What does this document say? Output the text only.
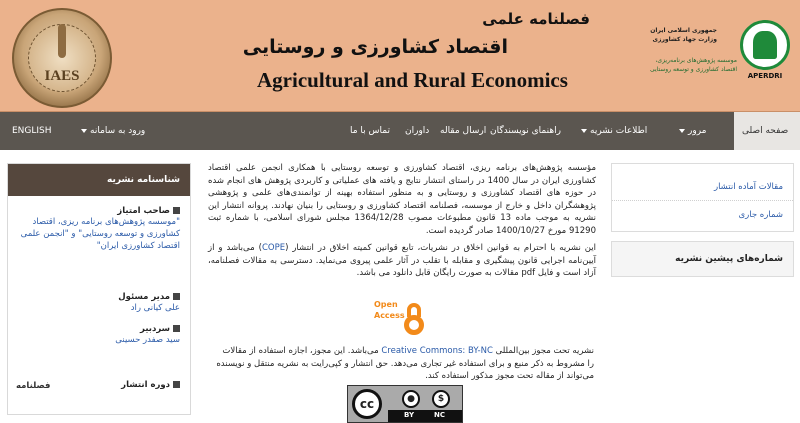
IAES
فصلنامه علمی
اقتصاد کشاورزی و روستایی
Agricultural and Rural Economics
جمهوری اسلامی ایران
وزارت جهاد کشاورزی
موسسه پژوهش‌های برنامه‌ریزی،
اقتصاد کشاورزی و توسعه روستایی
APERDRI
صفحه اصلی
مرور
اطلاعات نشریه
راهنمای نویسندگان
ارسال مقاله
داوران
تماس با ما
ورود به سامانه
ENGLISH
شناسنامه نشریه
صاحب امتیاز
"موسسه پژوهش‌های برنامه ریزی، اقتصاد کشاورزی و توسعه روستایی" و "انجمن علمی اقتصاد کشاورزی ایران"
مدیر مسئول
علی کیانی راد
سردبیر
سید صفدر حسینی
دوره انتشار
فصلنامه

مؤسسه پژوهش‌های برنامه ریزی، اقتصاد کشاورزی و توسعه روستایی با همکاری انجمن علمی اقتصاد کشاورزی ایران در سال 1400 در راستای انتشار نتایج و یافته های عملیاتی و کاربردی پژوهش های انجام شده در حوزه های اقتصاد کشاورزی و روستایی و به منظور استفاده بهینه از توانمندی‌های علمی و پژوهشی پژوهشگران داخل و خارج از موسسه، فصلنامه اقتصاد کشاورزی و روستایی را بنیان نهادند. پروانه انتشار این نشریه به موجب ماده 13 قانون مطبوعات مصوب 1364/12/28 مجلس شورای اسلامی، با شماره ثبت 91290 مورخ 1400/10/27 صادر گردیده است.

این نشریه با احترام به قوانین اخلاق در نشریات، تابع قوانین کمیته اخلاق در انتشار (COPE) می‌باشد و از آیین‌نامه اجرایی قانون پیشگیری و مقابله با تقلب در آثار علمی پیروی می‌نماید. دسترسی به مقالات فصلنامه، آزاد است و فایل pdf مقالات به صورت رایگان قابل دانلود می باشد.

Open
Access
نشریه تحت مجوز بین‌المللی Creative Commons: BY-NC می‌باشد. این مجوز، اجازه استفاده از مقالات را مشروط به ذکر منبع و برای استفاده غیر تجاری می‌دهد. حق انتشار و کپی‌رایت به نشریه منتقل و نویسنده می‌تواند از مقاله تحت مجوز مذکور استفاده کند.
cc	●	$
BY	NC
مقالات آماده انتشار
شماره جاری
شماره‌های پیشین نشریه
